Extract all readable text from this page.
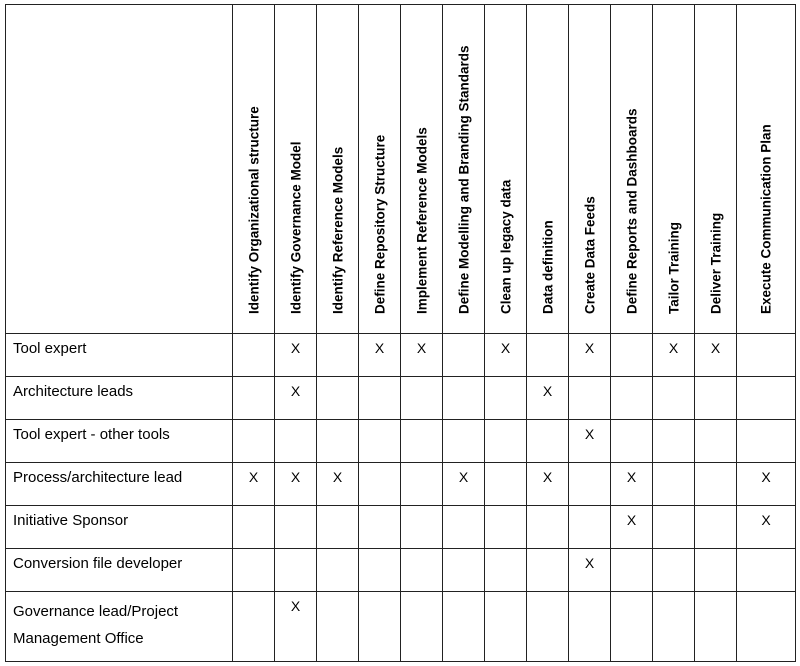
	Identify Organizational structure	Identify Governance Model	Identify Reference Models	Define Repository Structure	Implement Reference Models	Define Modelling and Branding Standards	Clean up legacy data	Data definition	Create Data Feeds	Define Reports and Dashboards	Tailor Training	Deliver Training	Execute Communication Plan

Tool expert		X		X	X		X		X		X	X	
Architecture leads		X						X					
Tool expert - other tools									X				
Process/architecture lead	X	X	X			X		X		X			X
Initiative Sponsor										X			X
Conversion file developer									X				
Governance lead/Project Management Office		X											
